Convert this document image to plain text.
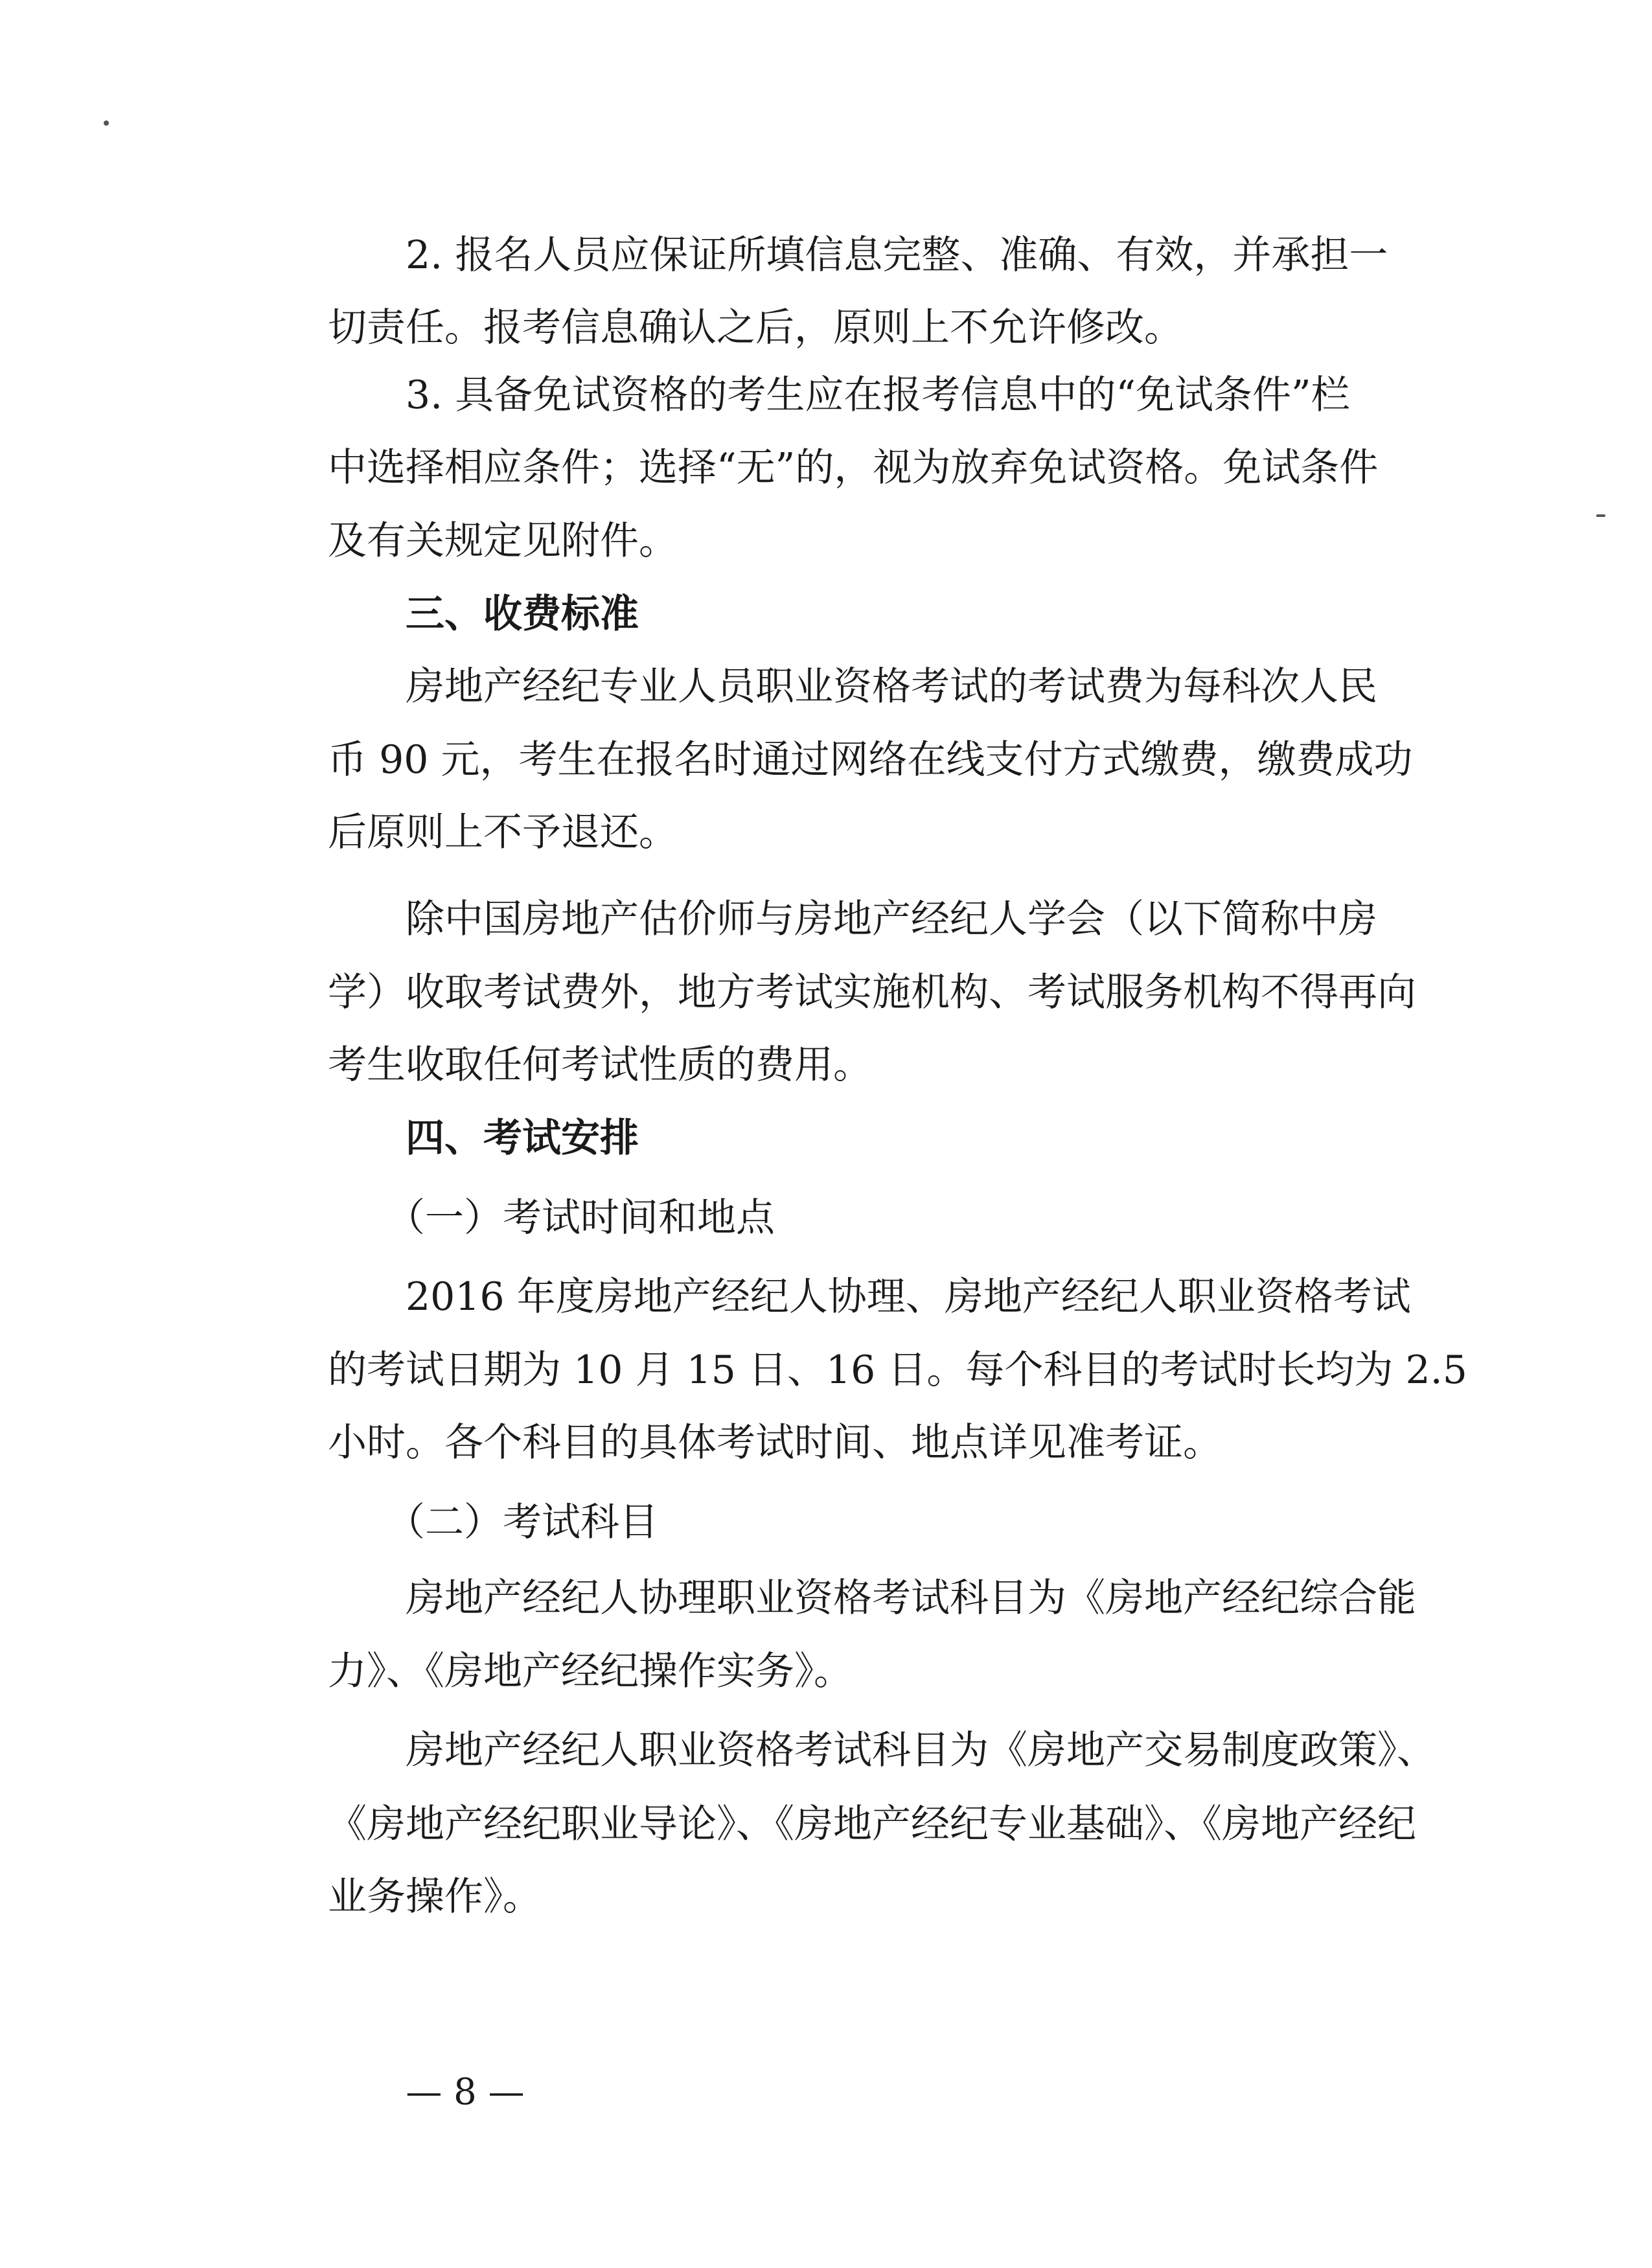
　　2. 报名人员应保证所填信息完整、准确、有效，并承担一
切责任。报考信息确认之后，原则上不允许修改。
　　3. 具备免试资格的考生应在报考信息中的“免试条件”栏
中选择相应条件；选择“无”的，视为放弃免试资格。免试条件
及有关规定见附件。
　　三、收费标准
　　房地产经纪专业人员职业资格考试的考试费为每科次人民
币 90 元，考生在报名时通过网络在线支付方式缴费，缴费成功
后原则上不予退还。
　　除中国房地产估价师与房地产经纪人学会（以下简称中房
学）收取考试费外，地方考试实施机构、考试服务机构不得再向
考生收取任何考试性质的费用。
　　四、考试安排
　　（一）考试时间和地点
　　2016 年度房地产经纪人协理、房地产经纪人职业资格考试
的考试日期为 10 月 15 日、16 日。每个科目的考试时长均为 2.5
小时。各个科目的具体考试时间、地点详见准考证。
　　（二）考试科目
　　房地产经纪人协理职业资格考试科目为《房地产经纪综合能
力》、《房地产经纪操作实务》。
　　房地产经纪人职业资格考试科目为《房地产交易制度政策》、
《房地产经纪职业导论》、《房地产经纪专业基础》、《房地产经纪
业务操作》。
— 8 —
